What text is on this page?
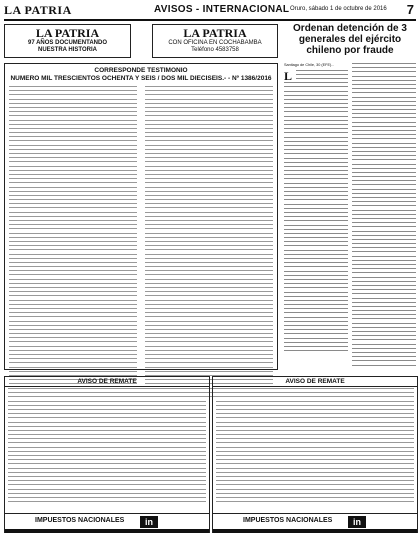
LA PATRIA	AVISOS - INTERNACIONAL Oruro, sábado 1 de octubre de 2016 7
LA PATRIA
97 AÑOS DOCUMENTANDO
NUESTRA HISTORIA
LA PATRIA
CON OFICINA EN COCHABAMBA
Teléfono 4583758
Ordenan detención de 3 generales del ejército chileno por fraude
CORRESPONDE TESTIMONIO
NUMERO MIL TRESCIENTOS OCHENTA Y SEIS / DOS MIL DIECISEIS.- - Nº 1386/2016
Santiago de Chile, 30 (EFE).-
L
AVISO DE REMATE
IMPUESTOS NACIONALES	in
AVISO DE REMATE
IMPUESTOS NACIONALES	in
